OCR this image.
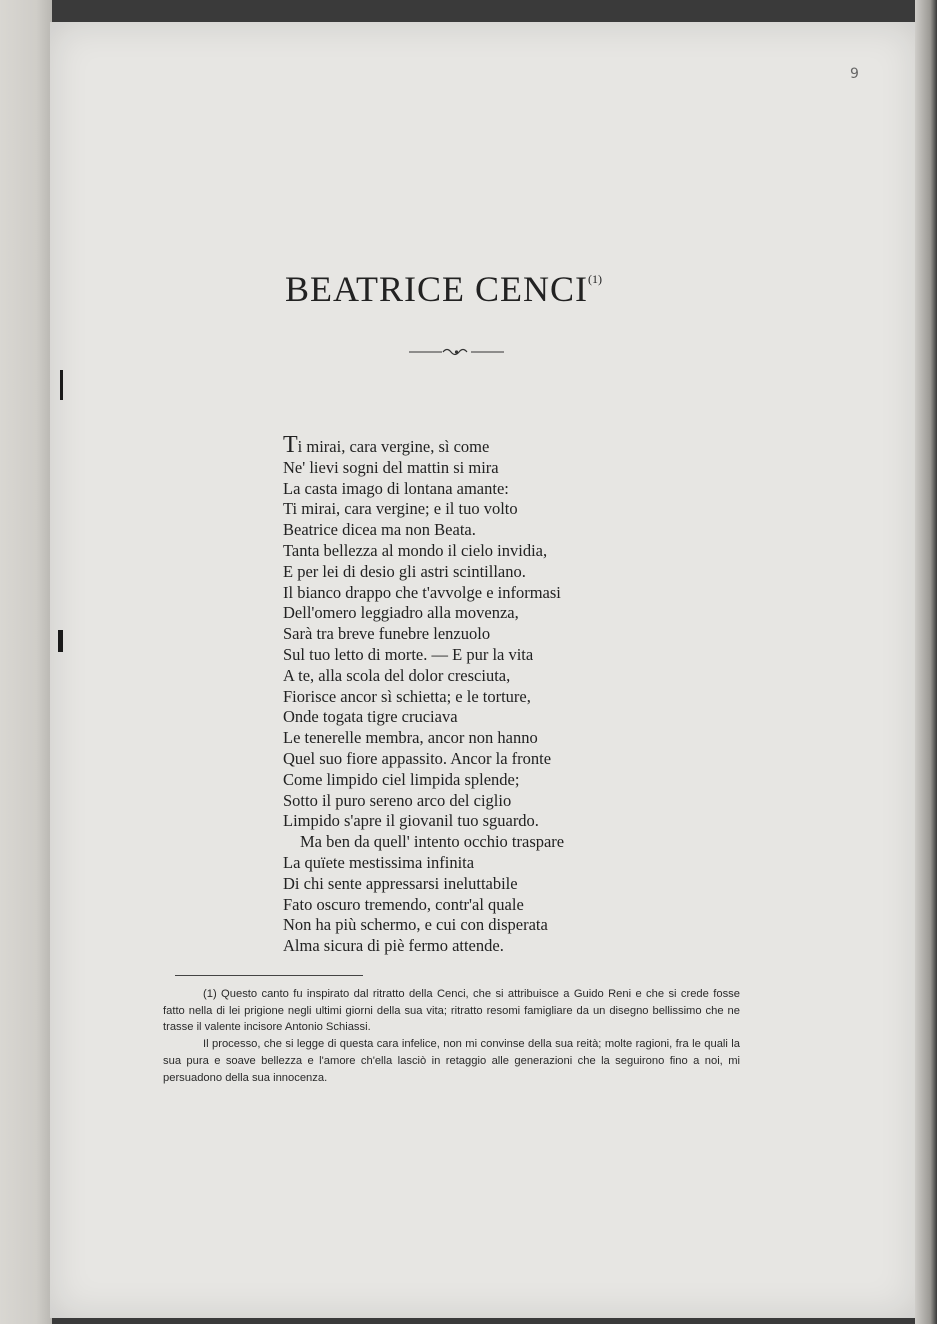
9
BEATRICE CENCI$^{(1)}$
Ti mirai, cara vergine, sì come
Ne' lievi sogni del mattin si mira
La casta imago di lontana amante:
Ti mirai, cara vergine; e il tuo volto
Beatrice dicea ma non Beata.
Tanta bellezza al mondo il cielo invidia,
E per lei di desio gli astri scintillano.
Il bianco drappo che t'avvolge e informasi
Dell'omero leggiadro alla movenza,
Sarà tra breve funebre lenzuolo
Sul tuo letto di morte. — E pur la vita
A te, alla scola del dolor cresciuta,
Fiorisce ancor sì schietta; e le torture,
Onde togata tigre cruciava
Le tenerelle membra, ancor non hanno
Quel suo fiore appassito. Ancor la fronte
Come limpido ciel limpida splende;
Sotto il puro sereno arco del ciglio
Limpido s'apre il giovanil tuo sguardo.
Ma ben da quell' intento occhio traspare
La quïete mestissima infinita
Di chi sente appressarsi ineluttabile
Fato oscuro tremendo, contr'al quale
Non ha più schermo, e cui con disperata
Alma sicura di piè fermo attende.

(1) Questo canto fu inspirato dal ritratto della Cenci, che si attribuisce a Guido Reni e che si crede fosse fatto nella di lei prigione negli ultimi giorni della sua vita; ritratto resomi famigliare da un disegno bellissimo che ne trasse il valente incisore Antonio Schiassi.

Il processo, che si legge di questa cara infelice, non mi convinse della sua reità; molte ragioni, fra le quali la sua pura e soave bellezza e l'amore ch'ella lasciò in retaggio alle generazioni che la seguirono fino a noi, mi persuadono della sua innocenza.
